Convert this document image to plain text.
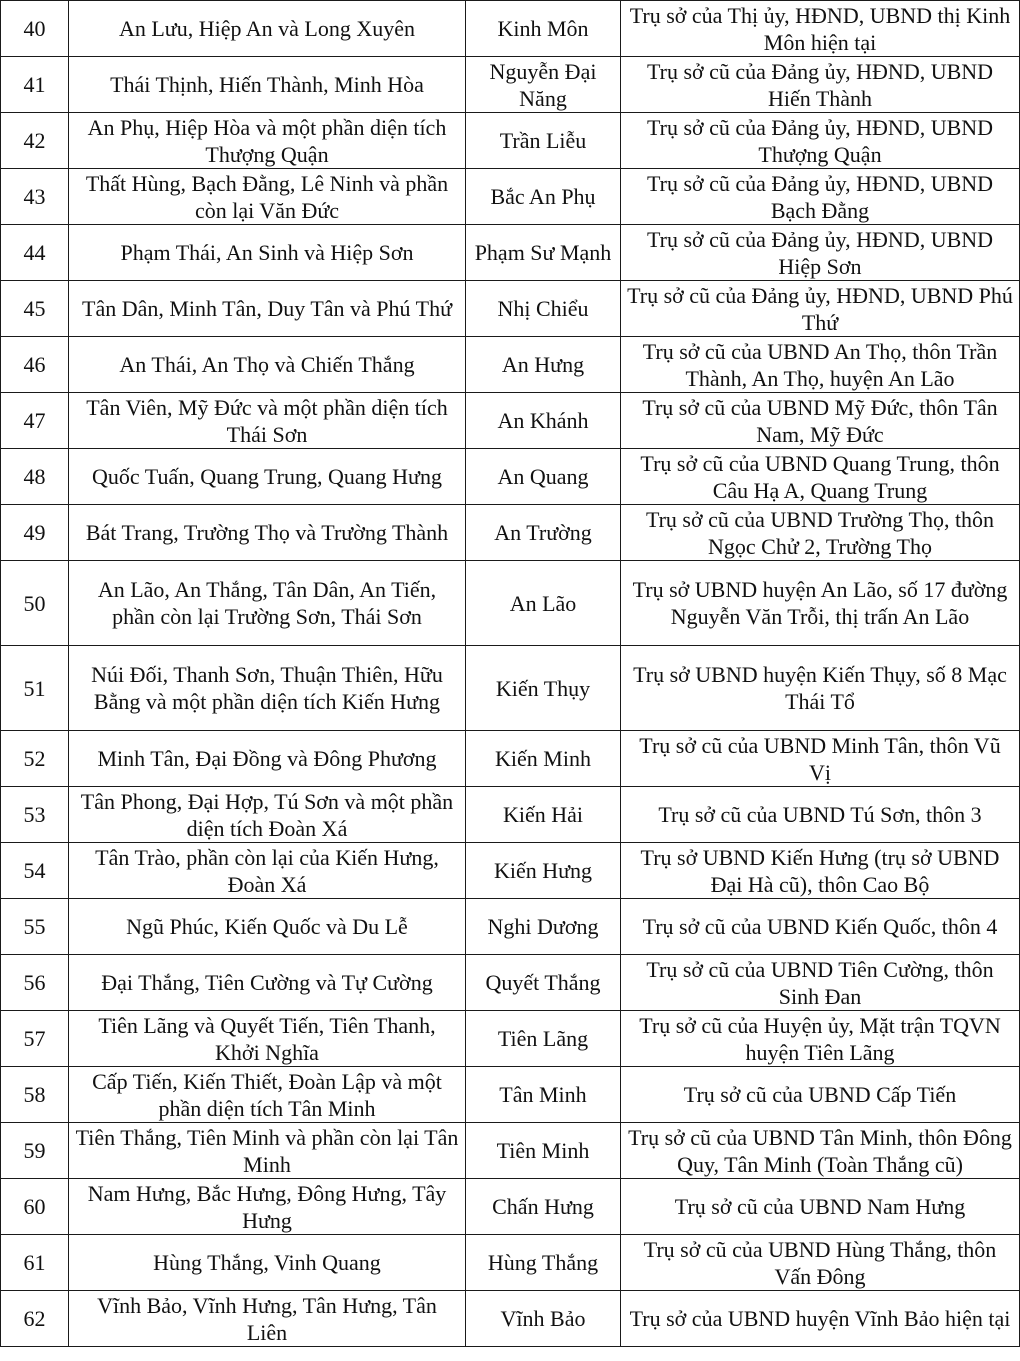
40	An Lưu, Hiệp An và Long Xuyên	Kinh Môn	Trụ sở của Thị ủy, HĐND, UBND thị Kinh Môn hiện tại
41	Thái Thịnh, Hiến Thành, Minh Hòa	Nguyễn Đại Năng	Trụ sở cũ của Đảng ủy, HĐND, UBND Hiến Thành
42	An Phụ, Hiệp Hòa và một phần diện tích Thượng Quận	Trần Liễu	Trụ sở cũ của Đảng ủy, HĐND, UBND Thượng Quận
43	Thất Hùng, Bạch Đằng, Lê Ninh và phần còn lại Văn Đức	Bắc An Phụ	Trụ sở cũ của Đảng ủy, HĐND, UBND Bạch Đằng
44	Phạm Thái, An Sinh và Hiệp Sơn	Phạm Sư Mạnh	Trụ sở cũ của Đảng ủy, HĐND, UBND Hiệp Sơn
45	Tân Dân, Minh Tân, Duy Tân và Phú Thứ	Nhị Chiểu	Trụ sở cũ của Đảng ủy, HĐND, UBND Phú Thứ
46	An Thái, An Thọ và Chiến Thắng	An Hưng	Trụ sở cũ của UBND An Thọ, thôn Trần Thành, An Thọ, huyện An Lão
47	Tân Viên, Mỹ Đức và một phần diện tích Thái Sơn	An Khánh	Trụ sở cũ của UBND Mỹ Đức, thôn Tân Nam, Mỹ Đức
48	Quốc Tuấn, Quang Trung, Quang Hưng	An Quang	Trụ sở cũ của UBND Quang Trung, thôn Câu Hạ A, Quang Trung
49	Bát Trang, Trường Thọ và Trường Thành	An Trường	Trụ sở cũ của UBND Trường Thọ, thôn Ngọc Chử 2, Trường Thọ
50	An Lão, An Thắng, Tân Dân, An Tiến, phần còn lại Trường Sơn, Thái Sơn	An Lão	Trụ sở UBND huyện An Lão, số 17 đường Nguyễn Văn Trỗi, thị trấn An Lão
51	Núi Đối, Thanh Sơn, Thuận Thiên, Hữu Bằng và một phần diện tích Kiến Hưng	Kiến Thụy	Trụ sở UBND huyện Kiến Thụy, số 8 Mạc Thái Tổ
52	Minh Tân, Đại Đồng và Đông Phương	Kiến Minh	Trụ sở cũ của UBND Minh Tân, thôn Vũ Vị
53	Tân Phong, Đại Hợp, Tú Sơn và một phần diện tích Đoàn Xá	Kiến Hải	Trụ sở cũ của UBND Tú Sơn, thôn 3
54	Tân Trào, phần còn lại của Kiến Hưng, Đoàn Xá	Kiến Hưng	Trụ sở UBND Kiến Hưng (trụ sở UBND Đại Hà cũ), thôn Cao Bộ
55	Ngũ Phúc, Kiến Quốc và Du Lễ	Nghi Dương	Trụ sở cũ của UBND Kiến Quốc, thôn 4
56	Đại Thắng, Tiên Cường và Tự Cường	Quyết Thắng	Trụ sở cũ của UBND Tiên Cường, thôn Sinh Đan
57	Tiên Lãng và Quyết Tiến, Tiên Thanh, Khởi Nghĩa	Tiên Lãng	Trụ sở cũ của Huyện ủy, Mặt trận TQVN huyện Tiên Lãng
58	Cấp Tiến, Kiến Thiết, Đoàn Lập và một phần diện tích Tân Minh	Tân Minh	Trụ sở cũ của UBND Cấp Tiến
59	Tiên Thắng, Tiên Minh và phần còn lại Tân Minh	Tiên Minh	Trụ sở cũ của UBND Tân Minh, thôn Đông Quy, Tân Minh (Toàn Thắng cũ)
60	Nam Hưng, Bắc Hưng, Đông Hưng, Tây Hưng	Chấn Hưng	Trụ sở cũ của UBND Nam Hưng
61	Hùng Thắng, Vinh Quang	Hùng Thắng	Trụ sở cũ của UBND Hùng Thắng, thôn Vấn Đông
62	Vĩnh Bảo, Vĩnh Hưng, Tân Hưng, Tân Liên	Vĩnh Bảo	Trụ sở của UBND huyện Vĩnh Bảo hiện tại
